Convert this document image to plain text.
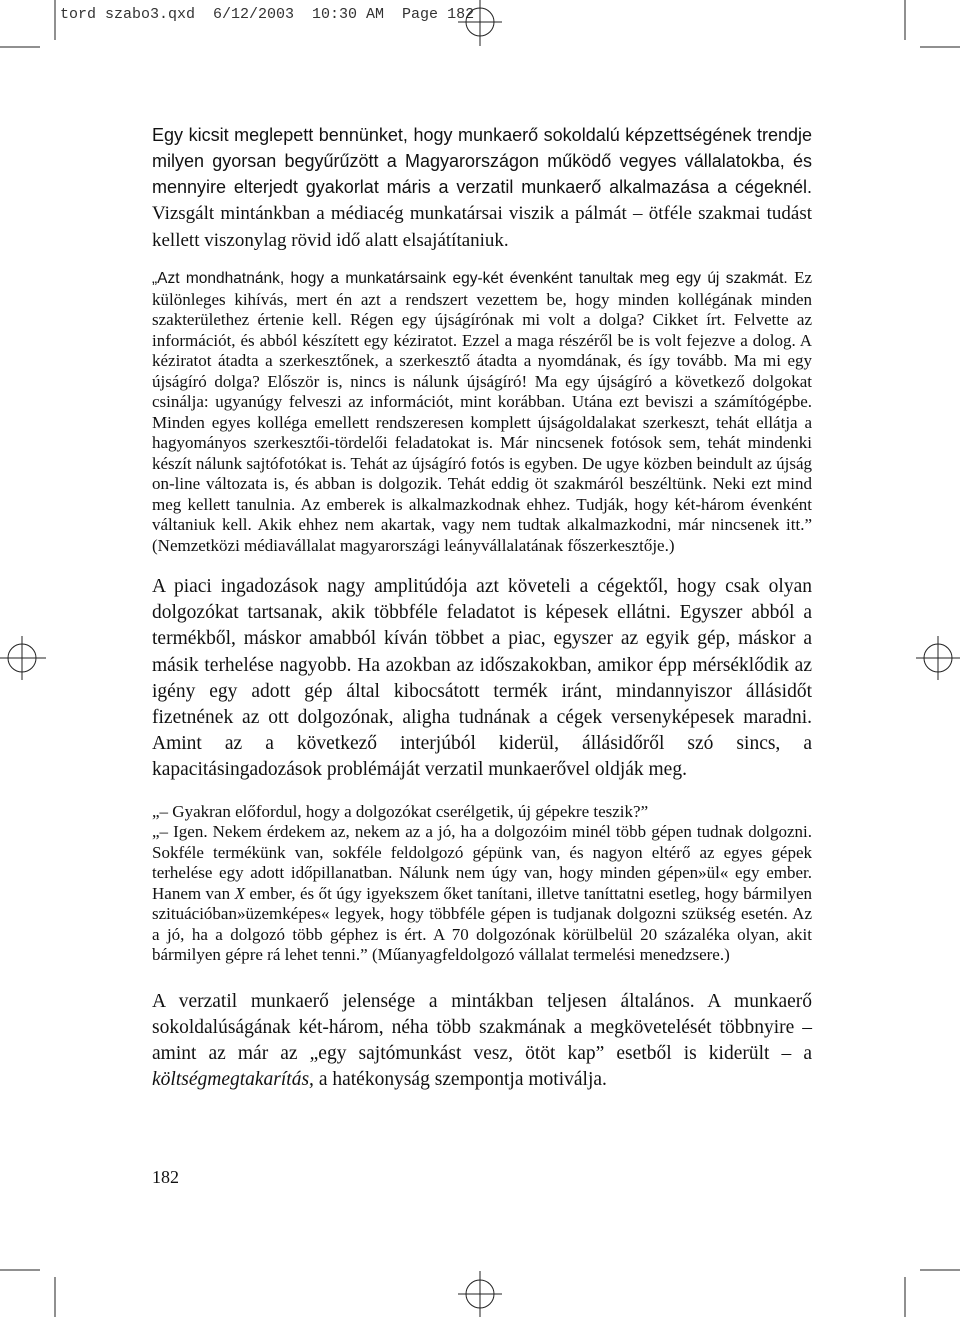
tord szabo3.qxd  6/12/2003  10:30 AM  Page 182

Egy kicsit meglepett bennünket, hogy munkaerő sokoldalú képzettségének trendje milyen gyorsan begyűrűzött a Magyarországon működő vegyes vállalatokba, és mennyire elterjedt gyakorlat máris a verzatil munkaerő alkalmazása a cégeknél. Vizsgált mintánkban a médiacég munkatársai viszik a pálmát – ötféle szakmai tudást kellett viszonylag rövid idő alatt elsajátítaniuk.

„Azt mondhatnánk, hogy a munkatársaink egy-két évenként tanultak meg egy új szakmát. Ez különleges kihívás, mert én azt a rendszert vezettem be, hogy minden kollégának minden szakterülethez értenie kell. Régen egy újságírónak mi volt a dolga? Cikket írt. Felvette az információt, és abból készített egy kéziratot. Ezzel a maga részéről be is volt fejezve a dolog. A kéziratot átadta a szerkesztőnek, a szerkesztő átadta a nyomdának, és így tovább. Ma mi egy újságíró dolga? Először is, nincs is nálunk újságíró! Ma egy újságíró a következő dolgokat csinálja: ugyanúgy felveszi az információt, mint korábban. Utána ezt beviszi a számítógépbe. Minden egyes kolléga emellett rendszeresen komplett újságoldalakat szerkeszt, tehát ellátja a hagyományos szerkesztői-tördelői feladatokat is. Már nincsenek fotósok sem, tehát mindenki készít nálunk sajtófotókat is. Tehát az újságíró fotós is egyben. De ugye közben beindult az újság on-line változata is, és abban is dolgozik. Tehát eddig öt szakmáról beszéltünk. Neki ezt mind meg kellett tanulnia. Az emberek is alkalmazkodnak ehhez. Tudják, hogy két-három évenként váltaniuk kell. Akik ehhez nem akartak, vagy nem tudtak alkalmazkodni, már nincsenek itt.” (Nemzetközi médiavállalat magyarországi leányvállalatának főszerkesztője.)

A piaci ingadozások nagy amplitúdója azt követeli a cégektől, hogy csak olyan dolgozókat tartsanak, akik többféle feladatot is képesek ellátni. Egyszer abból a termékből, máskor amabból kíván többet a piac, egyszer az egyik gép, máskor a másik terhelése nagyobb. Ha azokban az időszakokban, amikor épp mérséklődik az igény egy adott gép által kibocsátott termék iránt, mindannyiszor állásidőt fizetnének az ott dolgozónak, aligha tudnának a cégek versenyképesek maradni. Amint az a következő interjúból kiderül, állásidőről szó sincs, a kapacitásingadozások problémáját verzatil munkaerővel oldják meg.

„– Gyakran előfordul, hogy a dolgozókat cserélgetik, új gépekre teszik?”

„– Igen. Nekem érdekem az, nekem az a jó, ha a dolgozóim minél több gépen tudnak dolgozni. Sokféle termékünk van, sokféle feldolgozó gépünk van, és nagyon eltérő az egyes gépek terhelése egy adott időpillanatban. Nálunk nem úgy van, hogy minden gépen»ül« egy ember. Hanem van X ember, és őt úgy igyekszem őket tanítani, illetve taníttatni esetleg, hogy bármilyen szituációban»üzemképes« legyek, hogy többféle gépen is tudjanak dolgozni szükség esetén. Az a jó, ha a dolgozó több géphez is ért. A 70 dolgozónak körülbelül 20 százaléka olyan, akit bármilyen gépre rá lehet tenni.” (Műanyagfeldolgozó vállalat termelési menedzsere.)

A verzatil munkaerő jelensége a mintákban teljesen általános. A munkaerő sokoldalúságának két-három, néha több szakmának a megkövetelését többnyire – amint az már az „egy sajtómunkást vesz, ötöt kap” esetből is kiderült – a költségmegtakarítás, a hatékonyság szempontja motiválja.

182
